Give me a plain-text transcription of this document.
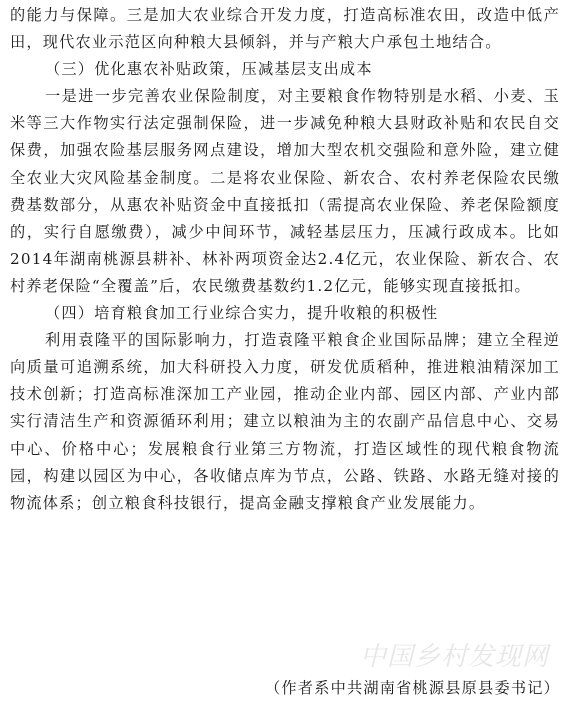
的能力与保障。三是加大农业综合开发力度，打造高标准农田，改造中低产田，现代农业示范区向种粮大县倾斜，并与产粮大户承包土地结合。

（三）优化惠农补贴政策，压减基层支出成本

一是进一步完善农业保险制度，对主要粮食作物特别是水稻、小麦、玉米等三大作物实行法定强制保险，进一步减免种粮大县财政补贴和农民自交保费，加强农险基层服务网点建设，增加大型农机交强险和意外险，建立健全农业大灾风险基金制度。二是将农业保险、新农合、农村养老保险农民缴费基数部分，从惠农补贴资金中直接抵扣（需提高农业保险、养老保险额度的，实行自愿缴费），减少中间环节，减轻基层压力，压减行政成本。比如2014年湖南桃源县耕补、林补两项资金达2.4亿元，农业保险、新农合、农村养老保险“全覆盖”后，农民缴费基数约1.2亿元，能够实现直接抵扣。

（四）培育粮食加工行业综合实力，提升收粮的积极性

利用袁隆平的国际影响力，打造袁隆平粮食企业国际品牌；建立全程逆向质量可追溯系统，加大科研投入力度，研发优质稻种，推进粮油精深加工技术创新；打造高标准深加工产业园，推动企业内部、园区内部、产业内部实行清洁生产和资源循环利用；建立以粮油为主的农副产品信息中心、交易中心、价格中心；发展粮食行业第三方物流，打造区域性的现代粮食物流园，构建以园区为中心，各收储点库为节点，公路、铁路、水路无缝对接的物流体系；创立粮食科技银行，提高金融支撑粮食产业发展能力。

中国乡村发现网
（作者系中共湖南省桃源县原县委书记）
